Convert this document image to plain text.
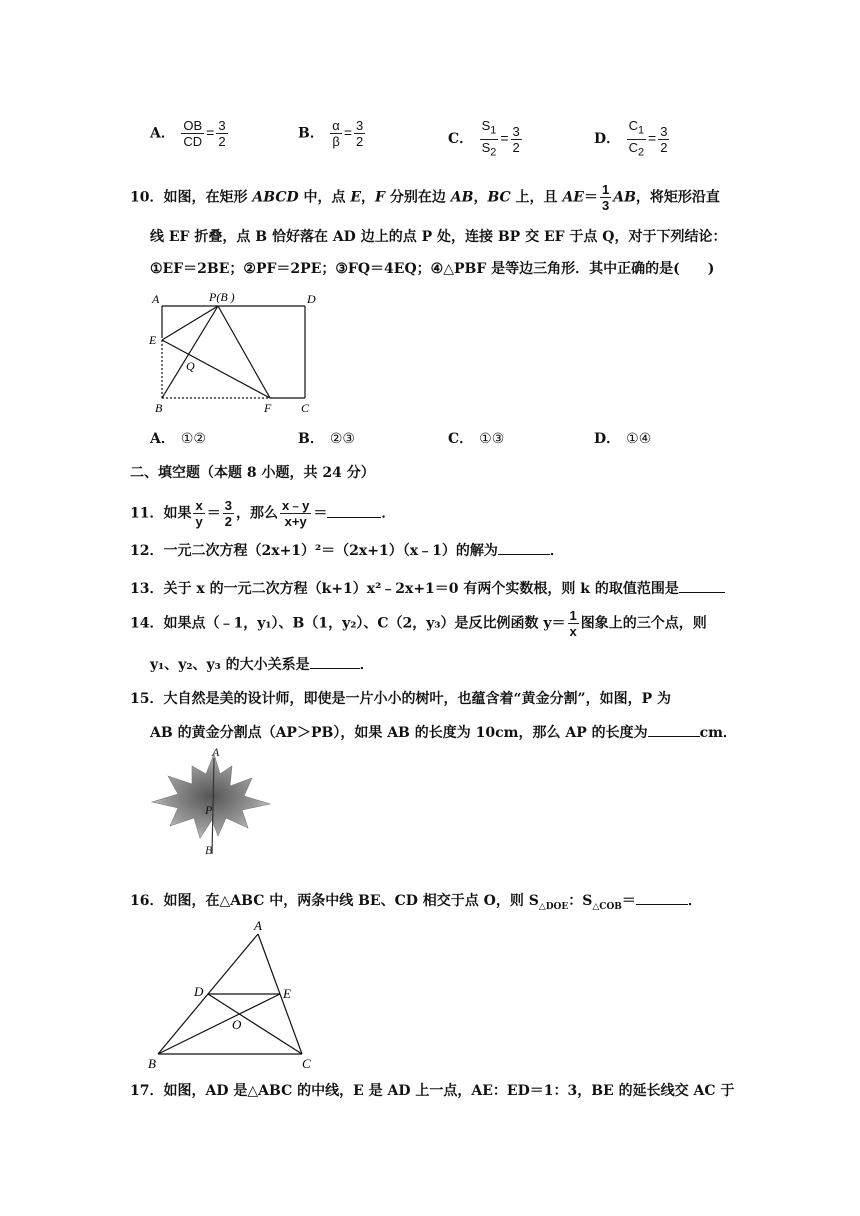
A． $\frac{OB}{CD} = \frac{3}{2}$	B． $\frac{\alpha}{\beta} = \frac{3}{2}$	C． $\frac{S_1}{S_2} = \frac{3}{2}$	D． $\frac{C_1}{C_2} = \frac{3}{2}$
10．如图，在矩形 ABCD 中，点 E，F 分别在边 AB，BC 上，且 $AE= \frac{1}{3}$ AB，将矩形沿直
线 EF 折叠，点 B 恰好落在 AD 边上的点 P 处，连接 BP 交 EF 于点 Q，对于下列结论：
①EF＝2BE；②PF＝2PE；③FQ＝4EQ；④△PBF 是等边三角形．其中正确的是(　　)
A	P(B )	D
E
Q
B	F C
A． ①②	B． ②③	C． ①③	D． ①④
二、填空题（本题 8 小题，共 24 分）
11．如果 $\frac{x}{y} = \frac{3}{2}$ ，那么 $\frac{x﹣y}{x+y}$ ＝	．
12．一元二次方程（2x+1）²＝（2x+1）（x﹣1）的解为	．
13．关于 x 的一元二次方程（k+1）x²﹣2x+1＝0 有两个实数根，则 k 的取值范围是
14．如果点（﹣1，y₁）、B（1，y₂）、C（2，y₃）是反比例函数 $y= \frac{1}{x}$ 图象上的三个点，则
y₁、y₂、y₃ 的大小关系是	．
15．大自然是美的设计师，即使是一片小小的树叶，也蕴含着“黄金分割”，如图，P 为
AB 的黄金分割点（AP＞PB），如果 AB 的长度为 10cm，那么 AP 的长度为	cm．
A
P
B
16．如图，在△ABC 中，两条中线 BE、CD 相交于点 O，则 $S_{\triangle DOE}$：$S_{\triangle COB}=$	．
A
D	E
O
B	C
17．如图，AD 是△ABC 的中线，E 是 AD 上一点，AE：ED＝1：3，BE 的延长线交 AC 于
